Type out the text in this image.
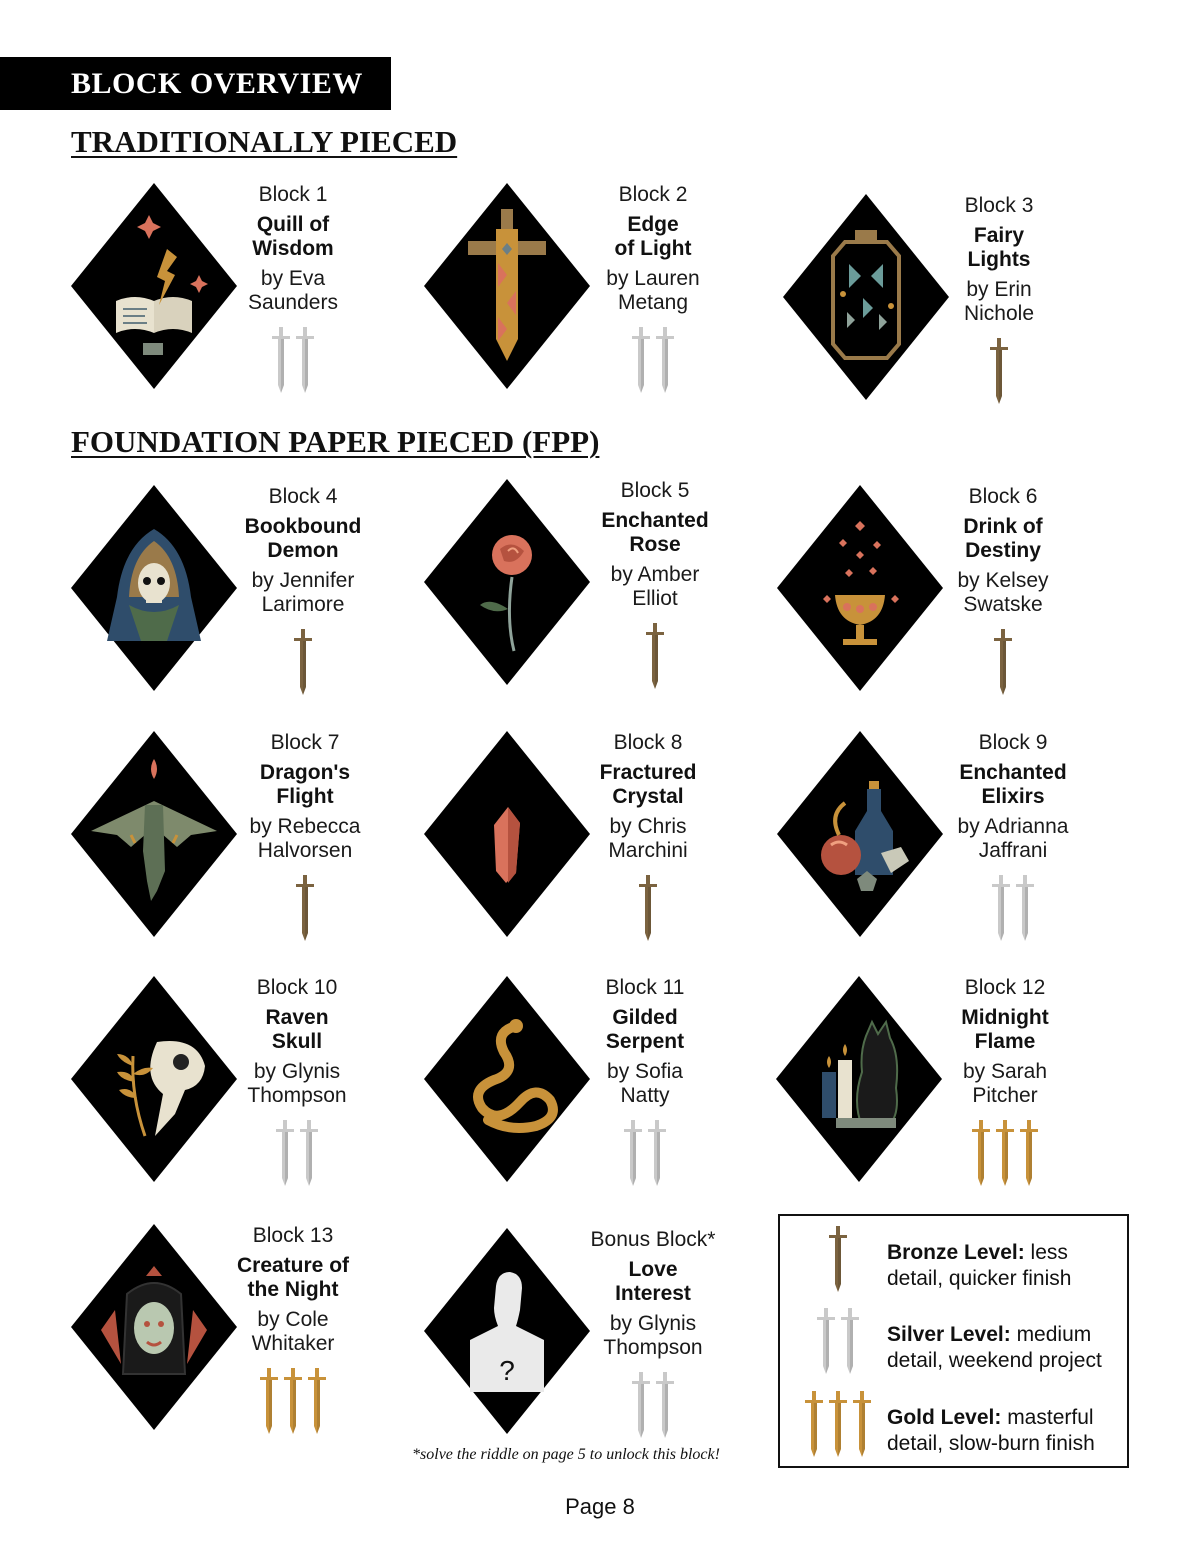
BLOCK OVERVIEW
TRADITIONALLY PIECED
FOUNDATION PAPER PIECED (FPP)
Block 1
Quill of
Wisdom
by Eva
Saunders
Block 2
Edge
of Light
by Lauren
Metang
Block 3
Fairy
Lights
by Erin
Nichole
Block 4
Bookbound
Demon
by Jennifer
Larimore
Block 5
Enchanted
Rose
by Amber
Elliot
Block 6
Drink of
Destiny
by Kelsey
Swatske
Block 7
Dragon's
Flight
by Rebecca
Halvorsen
Block 8
Fractured
Crystal
by Chris
Marchini
Block 9
Enchanted
Elixirs
by Adrianna
Jaffrani
Block 10
Raven
Skull
by Glynis
Thompson
Block 11
Gilded
Serpent
by Sofia
Natty
Block 12
Midnight
Flame
by Sarah
Pitcher
Block 13
Creature of
the Night
by Cole
Whitaker
?
Bonus Block*
Love
Interest
by Glynis
Thompson
Bronze Level: less detail, quicker finish
Silver Level: medium detail, weekend project
Gold Level: masterful detail, slow-burn finish
*solve the riddle on page 5 to unlock this block!
Page 8
